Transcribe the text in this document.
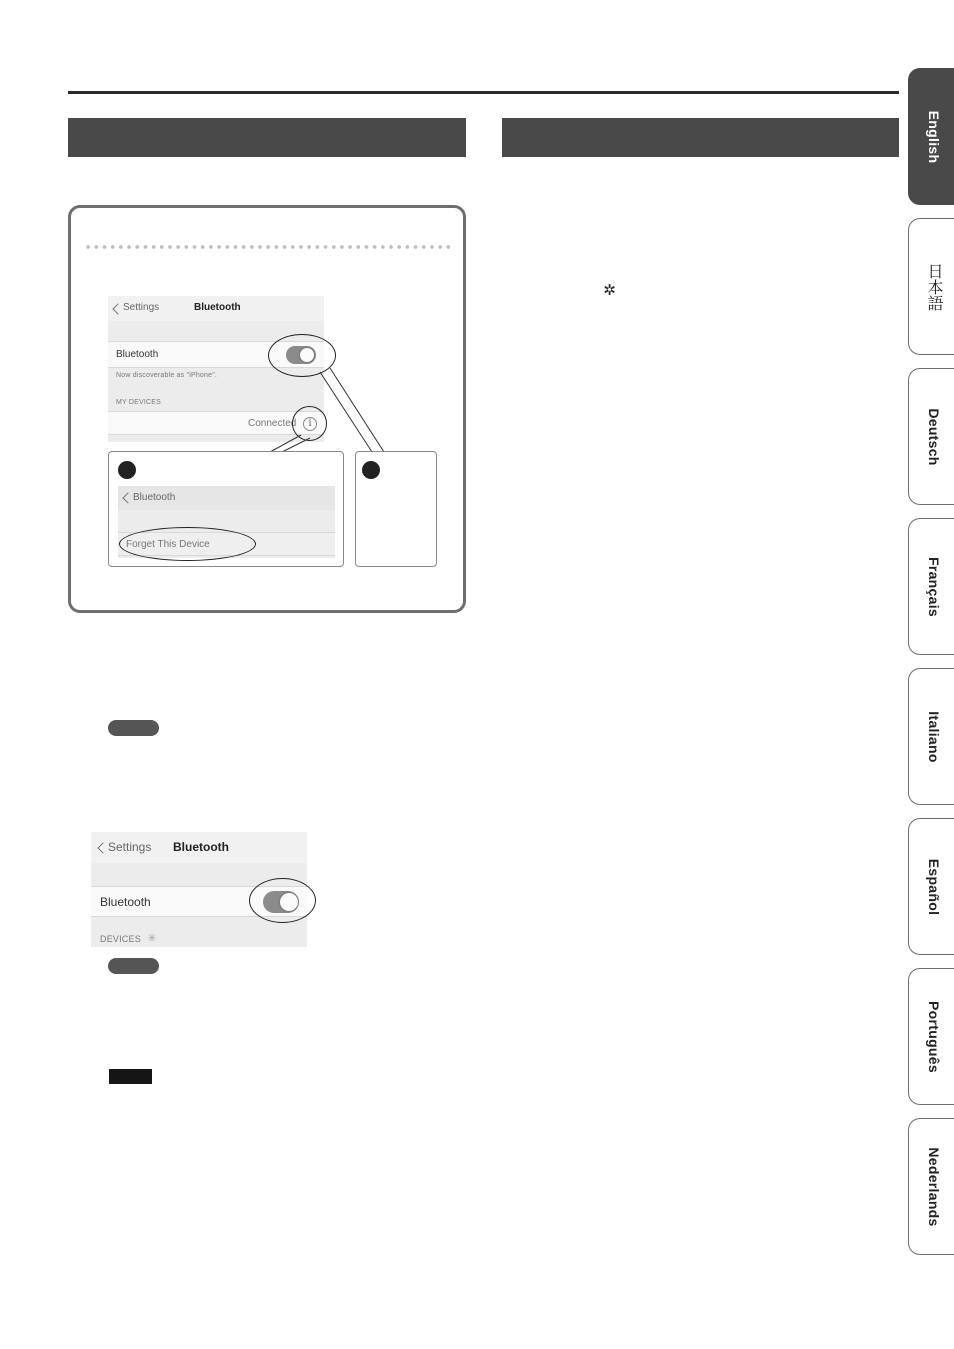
Settings	Bluetooth
Bluetooth
Now discoverable as "iPhone".
MY DEVICES
Connected	i
Bluetooth
Forget This Device
Settings Bluetooth
Bluetooth
DEVICES ✳
✲
English
日本語
Deutsch
Français
Italiano
Español
Português
Nederlands
